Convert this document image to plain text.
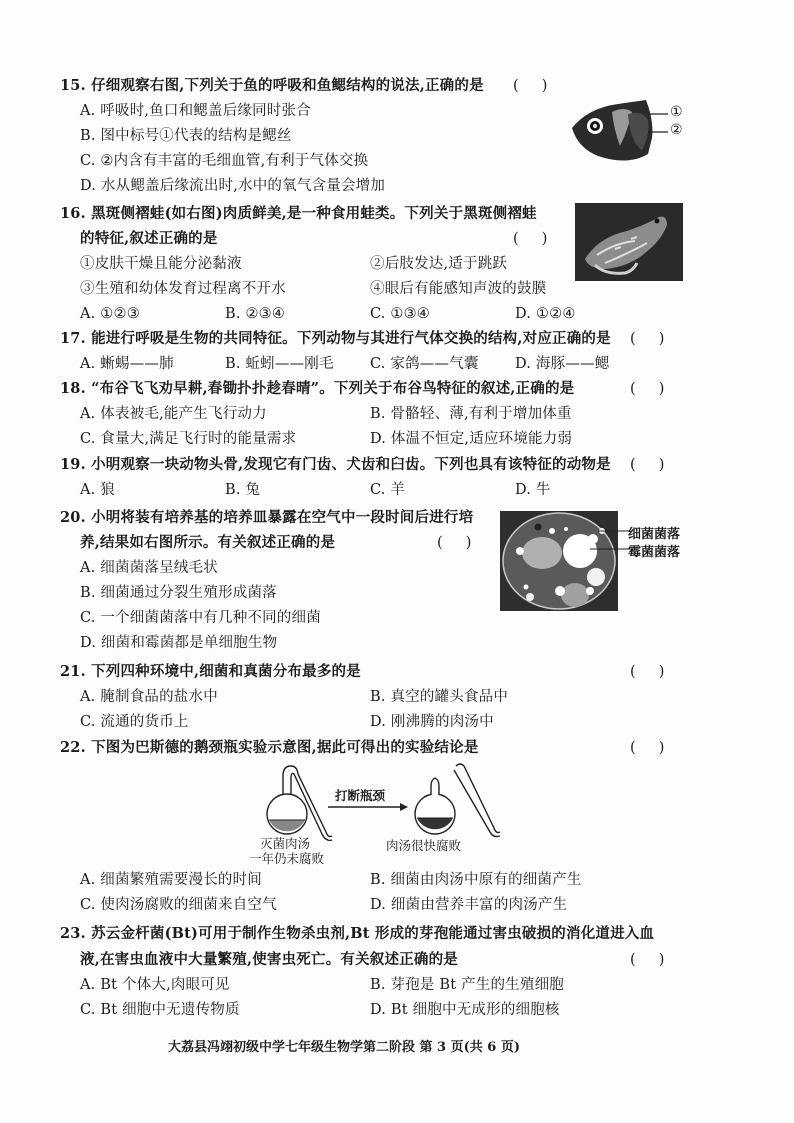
15. 仔细观察右图,下列关于鱼的呼吸和鱼鳃结构的说法,正确的是 (     )
A. 呼吸时,鱼口和鳃盖后缘同时张合
B. 图中标号①代表的结构是鳃丝
C. ②内含有丰富的毛细血管,有利于气体交换
D. 水从鳃盖后缘流出时,水中的氧气含量会增加
①
②
16. 黑斑侧褶蛙(如右图)肉质鲜美,是一种食用蛙类。下列关于黑斑侧褶蛙
的特征,叙述正确的是	(     )
①皮肤干燥且能分泌黏液	②后肢发达,适于跳跃
③生殖和幼体发育过程离不开水	④眼后有能感知声波的鼓膜
A. ①②③	B. ②③④	C. ①③④	D. ①②④
17. 能进行呼吸是生物的共同特征。下列动物与其进行气体交换的结构,对应正确的是 (     )
A. 蜥蜴——肺	B. 蚯蚓——刚毛	C. 家鸽——气囊	D. 海豚——鳃
18. “布谷飞飞劝早耕,春锄扑扑趁春晴”。下列关于布谷鸟特征的叙述,正确的是	(     )
A. 体表被毛,能产生飞行动力	B. 骨骼轻、薄,有利于增加体重
C. 食量大,满足飞行时的能量需求	D. 体温不恒定,适应环境能力弱
19. 小明观察一块动物头骨,发现它有门齿、犬齿和臼齿。下列也具有该特征的动物是 (     )
A. 狼	B. 兔	C. 羊	D. 牛
20. 小明将装有培养基的培养皿暴露在空气中一段时间后进行培
养,结果如右图所示。有关叙述正确的是	(     )
A. 细菌菌落呈绒毛状
B. 细菌通过分裂生殖形成菌落
C. 一个细菌菌落中有几种不同的细菌
D. 细菌和霉菌都是单细胞生物
细菌菌落
霉菌菌落
21. 下列四种环境中,细菌和真菌分布最多的是	(     )
A. 腌制食品的盐水中	B. 真空的罐头食品中
C. 流通的货币上	D. 刚沸腾的肉汤中
22. 下图为巴斯德的鹅颈瓶实验示意图,据此可得出的实验结论是	(     )
打断瓶颈
灭菌肉汤
一年仍未腐败
肉汤很快腐败
A. 细菌繁殖需要漫长的时间	B. 细菌由肉汤中原有的细菌产生
C. 使肉汤腐败的细菌来自空气	D. 细菌由营养丰富的肉汤产生
23. 苏云金杆菌(Bt)可用于制作生物杀虫剂,Bt 形成的芽孢能通过害虫破损的消化道进入血
液,在害虫血液中大量繁殖,使害虫死亡。有关叙述正确的是	(     )
A. Bt 个体大,肉眼可见	B. 芽孢是 Bt 产生的生殖细胞
C. Bt 细胞中无遗传物质	D. Bt 细胞中无成形的细胞核
大荔县冯翊初级中学七年级生物学第二阶段 第 3 页(共 6 页)
